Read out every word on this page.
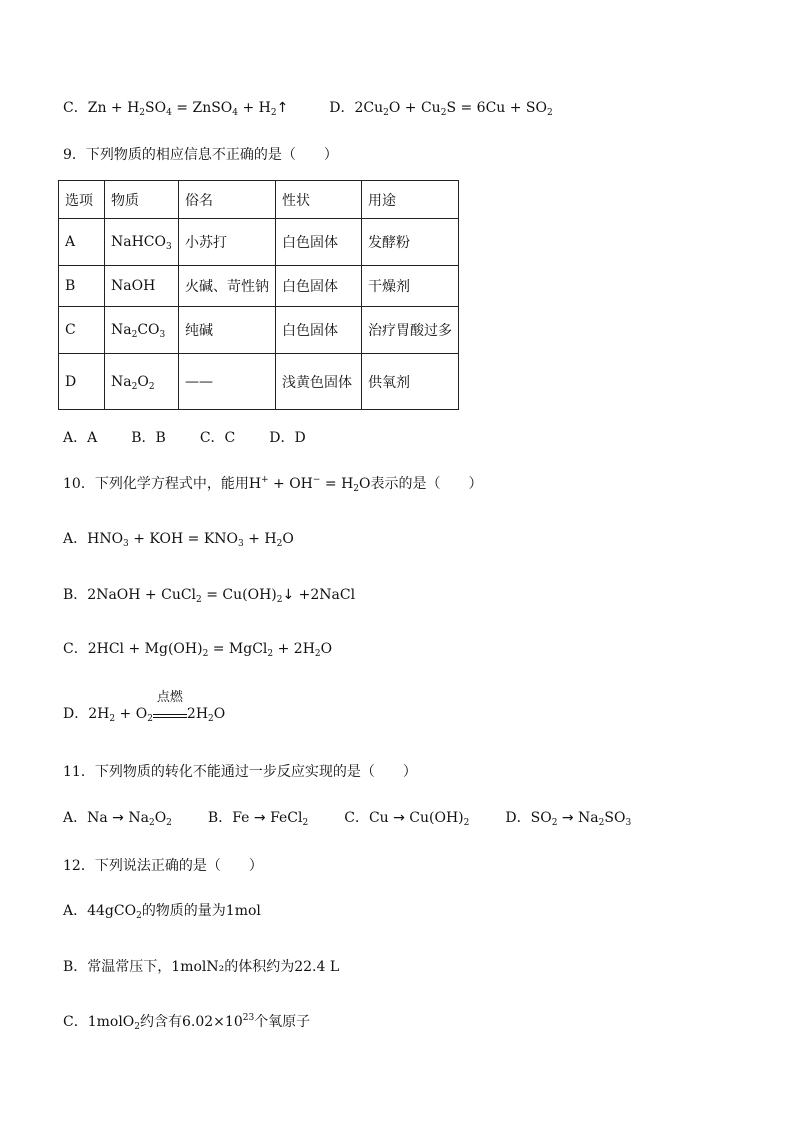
C．$Zn + H_2SO_4$ = ZnSO$_4$ + $H_2↑$	D．$2Cu_2O + Cu_2S = 6Cu + SO_2$
9．下列物质的相应信息不正确的是（　　）
选项	物质	俗名	性状	用途
A	NaHCO$_3$	小苏打	白色固体	发酵粉
B	NaOH	火碱、苛性钠	白色固体	干燥剂
C	$Na_2CO_3$	纯碱	白色固体	治疗胃酸过多
D	$Na_2O_2$	——	浅黄色固体	供氧剂
A．A B．B C．C D．D
10．下列化学方程式中，能用$H^+ + OH^- = H_2O$表示的是（　　）
A．$HNO_3$ + KOH = $KNO_3 + H_2O$
B．2NaOH + CuCl$_2$ = $Cu(OH)_2↓$ +2NaCl
C．$2HCl + Mg(OH)_2$ = MgCl$_2$ + $2H_2O$
D．$2H_2 + O_2$
点燃
$2H_2O$
11．下列物质的转化不能通过一步反应实现的是（　　）
A．$Na \to Na_2O_2$	B．Fe → FeCl$_2$	C．$Cu \to Cu(OH)_2$	D．$SO_2 \to Na_2SO_3$
12．下列说法正确的是（　　）
A．44gCO$_2$的物质的量为1mol
B．常温常压下，1molN₂的体积约为22.4 L
C．1molO$_2$约含有$6.02\times 10^{23}$个氧原子
